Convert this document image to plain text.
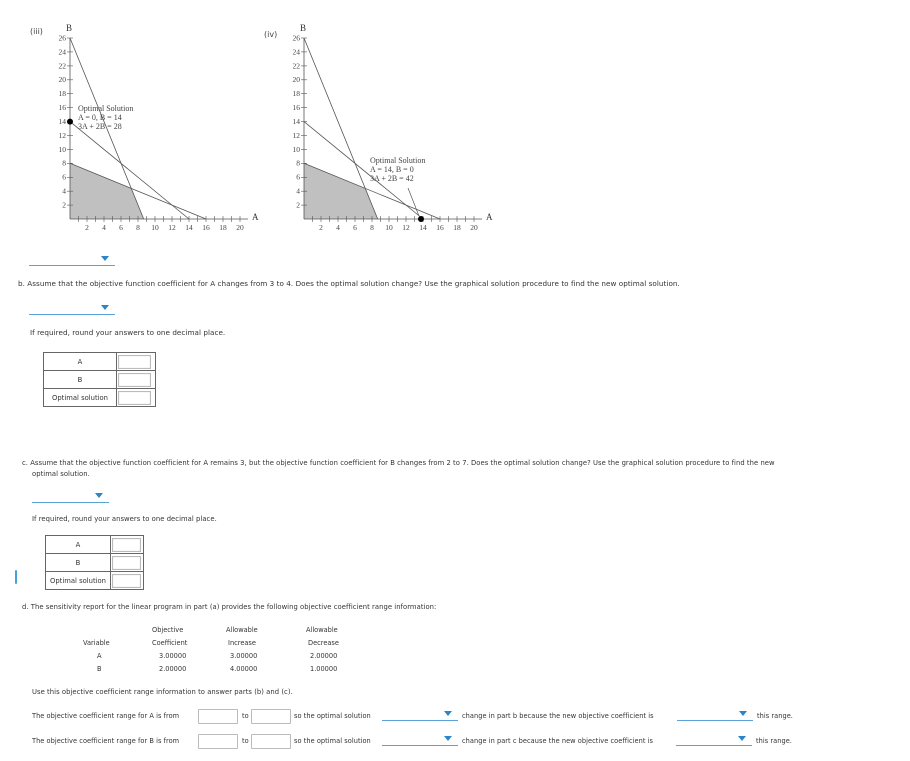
(iii)
2
4
6
8
10
12
14
16
18
20
22
24
26
2 4 6 8 10 12 14 16 18 20
B
A
Optimal Solution
A = 0, B = 14
3A + 2B = 28
(iv)
2
4
6
8
10
12
14
16
18
20
22
24
26
2 4 6 8 10 12 14 16 18 20
B
A
Optimal Solution
A = 14, B = 0
3A + 2B = 42
b. Assume that the objective function coefficient for A changes from 3 to 4. Does the optimal solution change? Use the graphical solution procedure to find the new optimal solution.
If required, round your answers to one decimal place.
A	

B	

Optimal solution	
c. Assume that the objective function coefficient for A remains 3, but the objective function coefficient for B changes from 2 to 7. Does the optimal solution change? Use the graphical solution procedure to find the new
optimal solution.
If required, round your answers to one decimal place.
A	

B	

Optimal solution	
d. The sensitivity report for the linear program in part (a) provides the following objective coefficient range information:
Objective	Allowable	Allowable
Variable	Coefficient	Increase	Decrease
A	3.00000	3.00000	2.00000
B	2.00000	4.00000	1.00000
Use this objective coefficient range information to answer parts (b) and (c).
The objective coefficient range for A is from	to	so the optimal solution	change in part b because the new objective coefficient is	this range.
The objective coefficient range for B is from	to	so the optimal solution	change in part c because the new objective coefficient is	this range.
